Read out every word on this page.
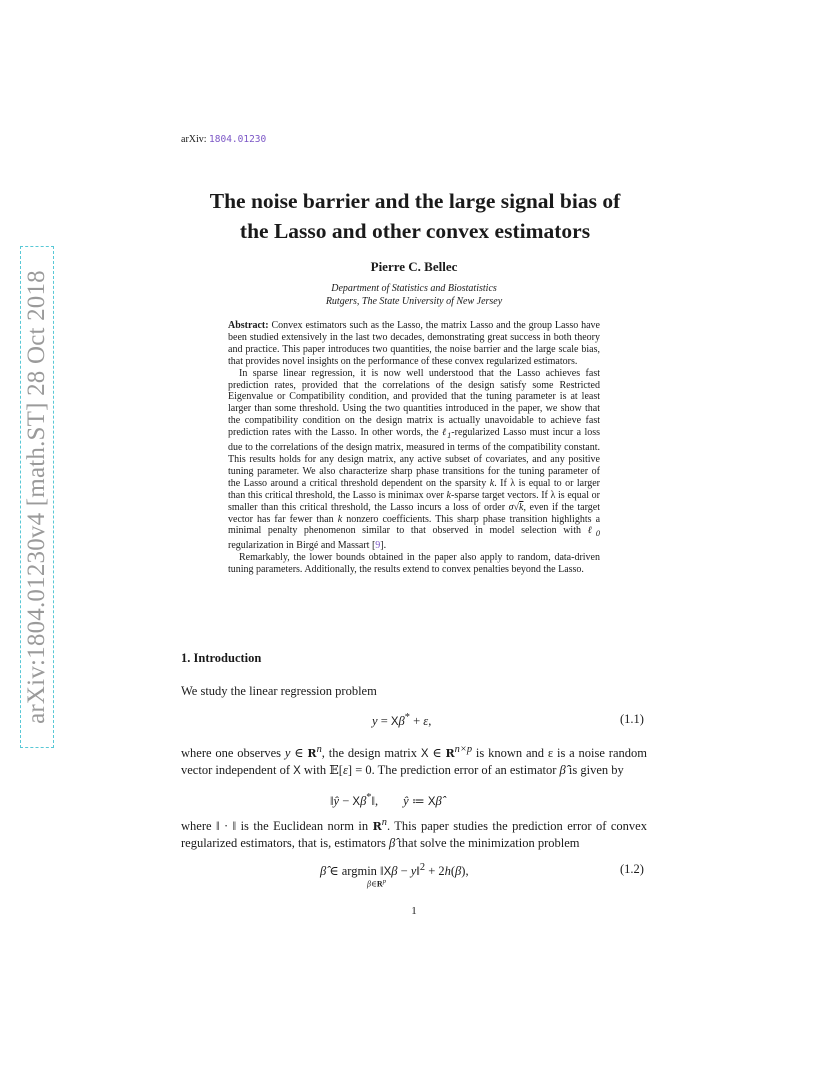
arXiv:1804.01230v4 [math.ST] 28 Oct 2018
arXiv: 1804.01230
The noise barrier and the large signal bias of
the Lasso and other convex estimators
Pierre C. Bellec
Department of Statistics and Biostatistics
Rutgers, The State University of New Jersey

Abstract: Convex estimators such as the Lasso, the matrix Lasso and the group Lasso have been studied extensively in the last two decades, demonstrating great success in both theory and practice. This paper introduces two quantities, the noise barrier and the large scale bias, that provides novel insights on the performance of these convex regularized estimators.

In sparse linear regression, it is now well understood that the Lasso achieves fast prediction rates, provided that the correlations of the design satisfy some Restricted Eigenvalue or Compatibility condition, and provided that the tuning parameter is at least larger than some threshold. Using the two quantities introduced in the paper, we show that the compatibility condition on the design matrix is actually unavoidable to achieve fast prediction rates with the Lasso. In other words, the ℓ$_1$-regularized Lasso must incur a loss due to the correlations of the design matrix, measured in terms of the compatibility constant. This results holds for any design matrix, any active subset of covariates, and any positive tuning parameter. We also characterize sharp phase transitions for the tuning parameter of the Lasso around a critical threshold dependent on the sparsity k. If λ is equal to or larger than this critical threshold, the Lasso is minimax over k-sparse target vectors. If λ is equal or smaller than this critical threshold, the Lasso incurs a loss of order σ√k, even if the target vector has far fewer than k nonzero coefficients. This sharp phase transition highlights a minimal penalty phenomenon similar to that observed in model selection with ℓ$_0$ regularization in Birgé and Massart [9].

Remarkably, the lower bounds obtained in the paper also apply to random, data-driven tuning parameters. Additionally, the results extend to convex penalties beyond the Lasso.

1. Introduction

We study the linear regression problem

y = Xβ* + ε,	(1.1)

where one observes y ∈ $R^n$, the design matrix X ∈ $R^{n\times p}$ is known and ε is a noise random vector independent of X with 𝔼[ε] = 0. The prediction error of an estimator β̂ is given by

‖ŷ − Xβ*‖,        ŷ ≔ Xβ̂

where ‖ · ‖ is the Euclidean norm in $R^n$. This paper studies the prediction error of convex regularized estimators, that is, estimators β̂ that solve the minimization problem

β̂ ∈ argmin ‖Xβ − y‖$^2$ + 2h(β),
$\beta\in R^p$
(1.2)
1
